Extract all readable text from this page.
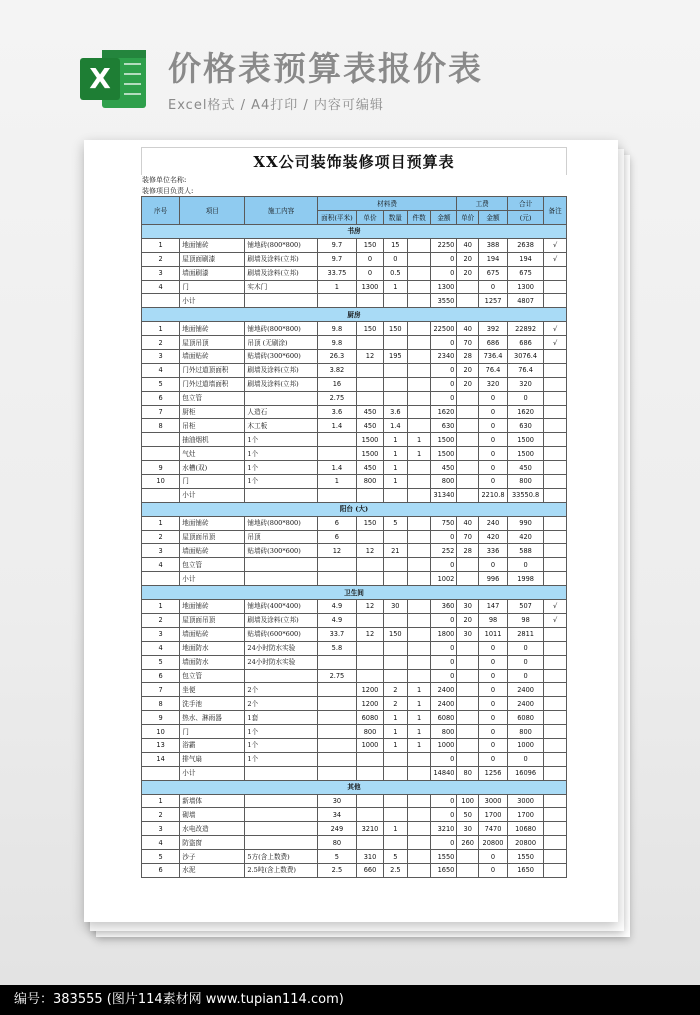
X 价格表预算表报价表
Excel格式 / A4打印 / 内容可编辑
XX公司装饰装修项目预算表
装修单位名称:
装修项目负责人:
序号	项目	施工内容	材料费					工费		合计	备注
			面积(平米)	单价	数量	件数	金额	单价	金额	(元)	
书房											
1	地面铺砖	铺地砖(800*800)	9.7	150	15		2250	40	388	2638	√
2	屋顶面刷漆	刷墙及涂料(立邦)	9.7	0	0		0	20	194	194	√
3	墙面刷漆	刷墙及涂料(立邦)	33.75	0	0.5		0	20	675	675	
4	门	实木门	1	1300	1		1300		0	1300	
	小计						3550		1257	4807	
厨房											
1	地面铺砖	铺地砖(800*800)	9.8	150	150		22500	40	392	22892	√
2	屋顶吊顶	吊顶 (无刷涂)	9.8				0	70	686	686	√
3	墙面贴砖	贴墙砖(300*600)	26.3	12	195		2340	28	736.4	3076.4	
4	门外过道顶面积	刷墙及涂料(立邦)	3.82				0	20	76.4	76.4	
5	门外过道墙面积	刷墙及涂料(立邦)	16				0	20	320	320	
6	包立管		2.75				0		0	0	
7	厨柜	人造石	3.6	450	3.6		1620		0	1620	
8	吊柜	木工板	1.4	450	1.4		630		0	630	
	抽油烟机	1个		1500	1	1	1500		0	1500	
	气灶	1个		1500	1	1	1500		0	1500	
9	水槽(双)	1个	1.4	450	1		450		0	450	
10	门	1个	1	800	1		800		0	800	
	小计						31340		2210.8	33550.8	
阳台 (大)											
1	地面铺砖	铺地砖(800*800)	6	150	5		750	40	240	990	
2	屋顶面吊顶	吊顶	6				0	70	420	420	
3	墙面贴砖	贴墙砖(300*600)	12	12	21		252	28	336	588	
4	包立管						0		0	0	
	小计						1002		996	1998	
卫生间											
1	地面铺砖	铺地砖(400*400)	4.9	12	30		360	30	147	507	√
2	屋顶面吊顶	刷墙及涂料(立邦)	4.9				0	20	98	98	√
3	墙面贴砖	贴墙砖(600*600)	33.7	12	150		1800	30	1011	2811	
4	地面防水	24小时防水实验	5.8				0		0	0	
5	墙面防水	24小时防水实验					0		0	0	
6	包立管		2.75				0		0	0	
7	坐便	2个		1200	2	1	2400		0	2400	
8	洗手池	2个		1200	2	1	2400		0	2400	
9	热水、淋雨器	1套		6080	1	1	6080		0	6080	
10	门	1个		800	1	1	800		0	800	
13	浴霸	1个		1000	1	1	1000		0	1000	
14	排气扇	1个					0		0	0	
	小计						14840	80	1256	16096	
其他											
1	新墙体		30				0	100	3000	3000	
2	砌墙		34				0	50	1700	1700	
3	水电改造		249	3210	1		3210	30	7470	10680	
4	防盗窗		80				0	260	20800	20800	
5	沙子	5方(含上数费)	5	310	5		1550		0	1550	
6	水泥	2.5吨(含上数费)	2.5	660	2.5		1650		0	1650	
编号：383555 (图片114素材网 www.tupian114.com)
